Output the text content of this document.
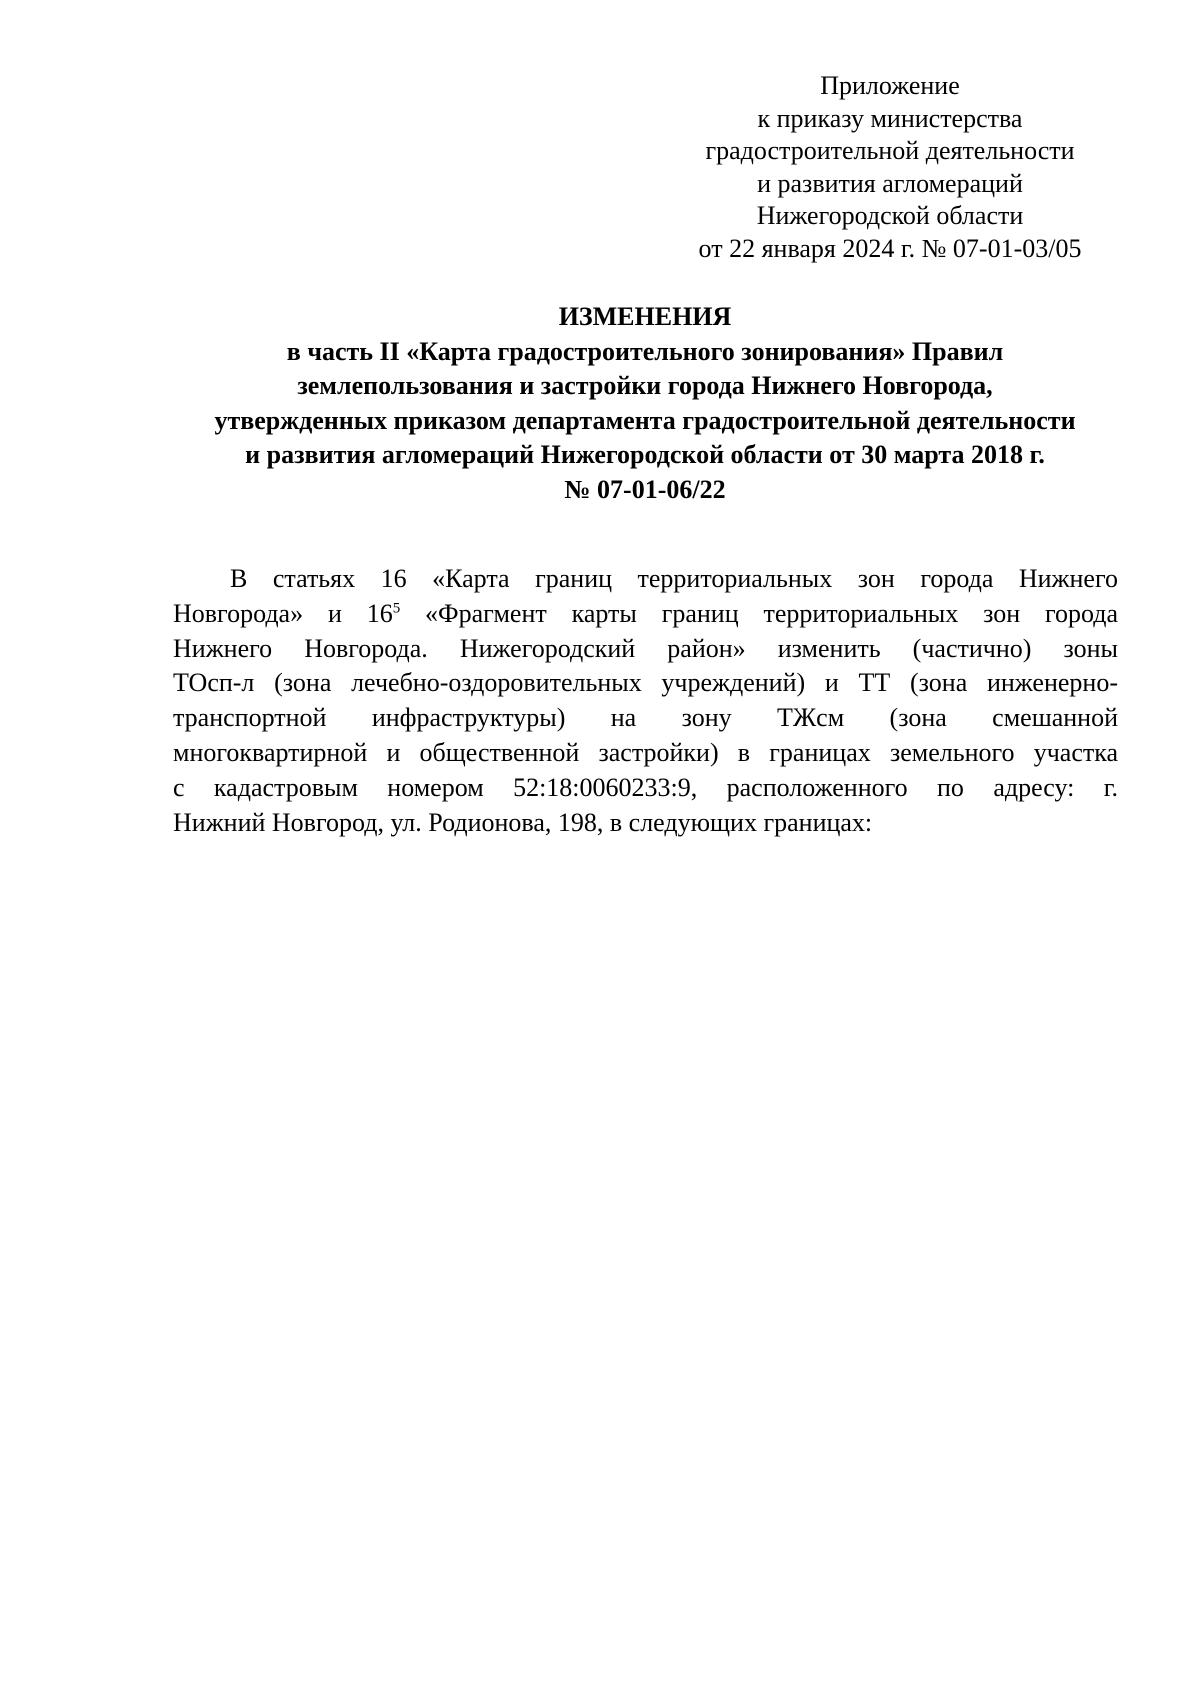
Приложение
к приказу министерства
градостроительной деятельности
и развития агломераций
Нижегородской области
от 22 января 2024 г. № 07-01-03/05
ИЗМЕНЕНИЯ
в часть II «Карта градостроительного зонирования» Правил
землепользования и застройки города Нижнего Новгорода,
утвержденных приказом департамента градостроительной деятельности
и развития агломераций Нижегородской области от 30 марта 2018 г.
№ 07-01-06/22
В статьях 16 «Карта границ территориальных зон города Нижнего
Новгорода» и $16^5$ «Фрагмент карты границ территориальных зон города
Нижнего Новгорода. Нижегородский район» изменить (частично) зоны
ТОсп-л (зона лечебно-оздоровительных учреждений) и ТТ (зона инженерно-
транспортной инфраструктуры) на зону ТЖсм (зона смешанной
многоквартирной и общественной застройки) в границах земельного участка
с кадастровым номером 52:18:0060233:9, расположенного по адресу: г.
Нижний Новгород, ул. Родионова, 198, в следующих границах:
